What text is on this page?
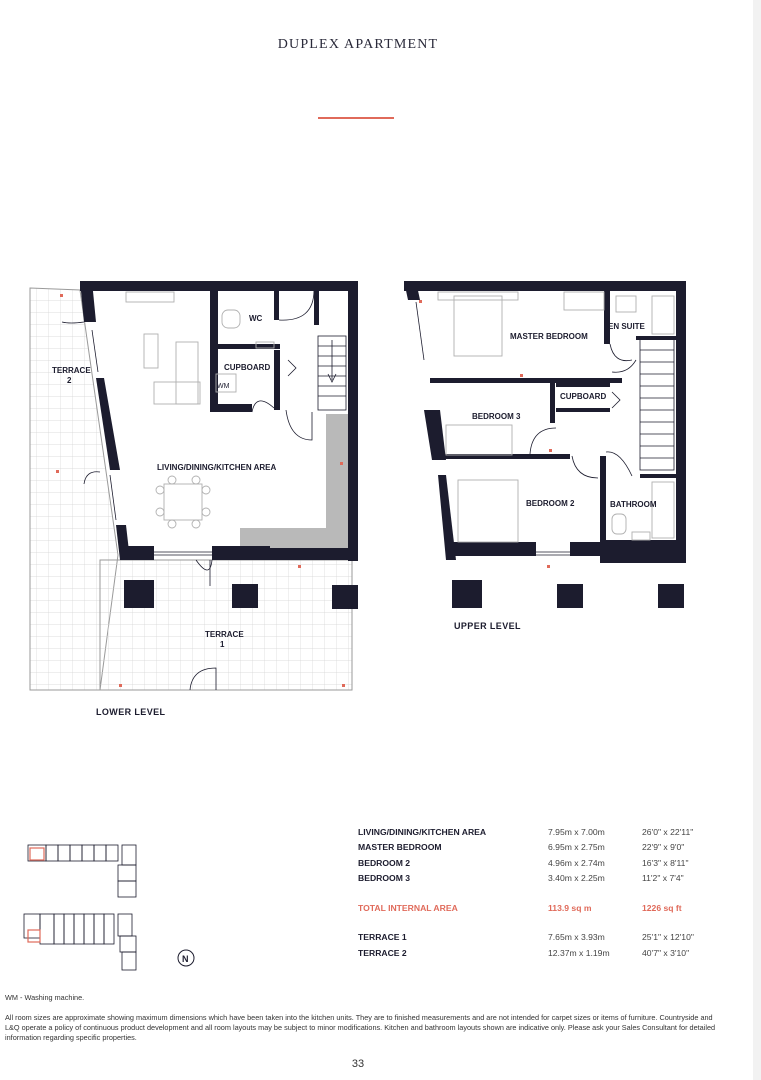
DUPLEX APARTMENT
WC
CUPBOARD
WM
TERRACE
2
LIVING/DINING/KITCHEN AREA
TERRACE
1
MASTER BEDROOM
EN SUITE
CUPBOARD
BEDROOM 3
BEDROOM 2	BATHROOM
N
LOWER LEVEL
UPPER LEVEL
LIVING/DINING/KITCHEN AREA	7.95m x 7.00m	26'0" x 22'11"
MASTER BEDROOM	6.95m x 2.75m	22'9" x 9'0"
BEDROOM 2	4.96m x 2.74m	16'3" x 8'11"
BEDROOM 3	3.40m x 2.25m	11'2" x 7'4"

TOTAL INTERNAL AREA	113.9 sq m	1226 sq ft

TERRACE 1	7.65m x 3.93m	25'1" x 12'10"
TERRACE 2	12.37m x 1.19m	40'7" x 3'10"
WM - Washing machine.
All room sizes are approximate showing maximum dimensions which have been taken into the kitchen units. They are to finished measurements and are not intended for carpet sizes or items of furniture. Countryside and L&Q operate a policy of continuous product development and all room layouts may be subject to minor modifications. Kitchen and bathroom layouts shown are indicative only. Please ask your Sales Consultant for detailed information regarding specific properties.
33
